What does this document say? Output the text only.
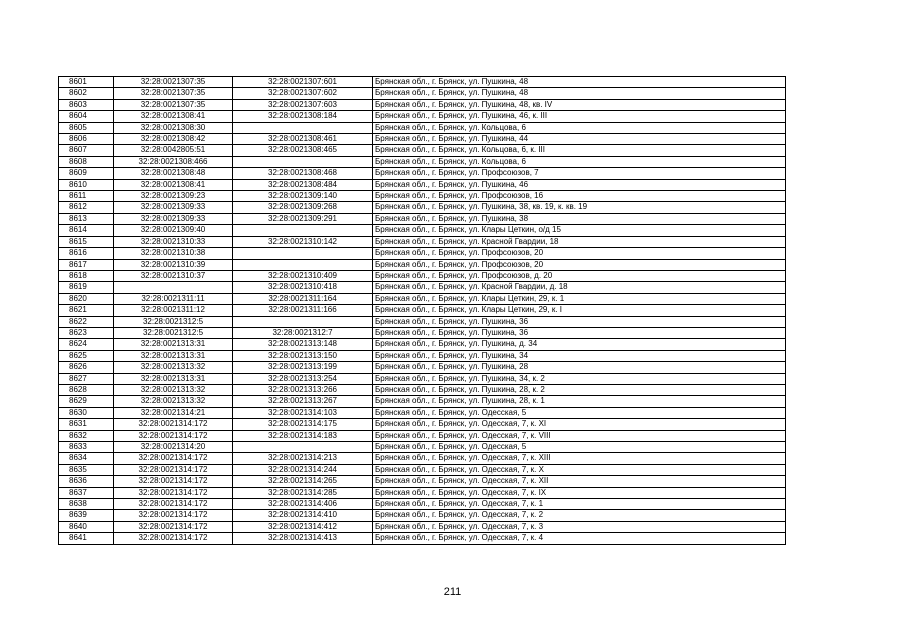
8601	32:28:0021307:35	32:28:0021307:601	Брянская обл., г. Брянск, ул. Пушкина, 48
8602	32:28:0021307:35	32:28:0021307:602	Брянская обл., г. Брянск, ул. Пушкина, 48
8603	32:28:0021307:35	32:28:0021307:603	Брянская обл., г. Брянск, ул. Пушкина, 48, кв. IV
8604	32:28:0021308:41	32:28:0021308:184	Брянская обл., г. Брянск, ул. Пушкина, 46, к. III
8605	32:28:0021308:30		Брянская обл., г. Брянск, ул. Кольцова, 6
8606	32:28:0021308:42	32:28:0021308:461	Брянская обл., г. Брянск, ул. Пушкина, 44
8607	32:28:0042805:51	32:28:0021308:465	Брянская обл., г. Брянск, ул. Кольцова, 6, к. III
8608	32:28:0021308:466		Брянская обл., г. Брянск, ул. Кольцова, 6
8609	32:28:0021308:48	32:28:0021308:468	Брянская обл., г. Брянск, ул. Профсоюзов, 7
8610	32:28:0021308:41	32:28:0021308:484	Брянская обл., г. Брянск, ул. Пушкина, 46
8611	32:28:0021309:23	32:28:0021309:140	Брянская обл., г. Брянск, ул. Профсоюзов, 16
8612	32:28:0021309:33	32:28:0021309:268	Брянская обл., г. Брянск, ул. Пушкина, 38, кв. 19, к. кв. 19
8613	32:28:0021309:33	32:28:0021309:291	Брянская обл., г. Брянск, ул. Пушкина, 38
8614	32:28:0021309:40		Брянская обл., г. Брянск, ул. Клары Цеткин, о/д 15
8615	32:28:0021310:33	32:28:0021310:142	Брянская обл., г. Брянск, ул. Красной Гвардии, 18
8616	32:28:0021310:38		Брянская обл., г. Брянск, ул. Профсоюзов, 20
8617	32:28:0021310:39		Брянская обл., г. Брянск, ул. Профсоюзов, 20
8618	32:28:0021310:37	32:28:0021310:409	Брянская обл., г. Брянск, ул. Профсоюзов, д. 20
8619		32:28:0021310:418	Брянская обл., г. Брянск, ул. Красной Гвардии, д. 18
8620	32:28:0021311:11	32:28:0021311:164	Брянская обл., г. Брянск, ул. Клары Цеткин, 29, к. 1
8621	32:28:0021311:12	32:28:0021311:166	Брянская обл., г. Брянск, ул. Клары Цеткин, 29, к. I
8622	32:28:0021312:5		Брянская обл., г. Брянск, ул. Пушкина, 36
8623	32:28:0021312:5	32:28:0021312:7	Брянская обл., г. Брянск, ул. Пушкина, 36
8624	32:28:0021313:31	32:28:0021313:148	Брянская обл., г. Брянск, ул. Пушкина, д. 34
8625	32:28:0021313:31	32:28:0021313:150	Брянская обл., г. Брянск, ул. Пушкина, 34
8626	32:28:0021313:32	32:28:0021313:199	Брянская обл., г. Брянск, ул. Пушкина, 28
8627	32:28:0021313:31	32:28:0021313:254	Брянская обл., г. Брянск, ул. Пушкина, 34, к. 2
8628	32:28:0021313:32	32:28:0021313:266	Брянская обл., г. Брянск, ул. Пушкина, 28, к. 2
8629	32:28:0021313:32	32:28:0021313:267	Брянская обл., г. Брянск, ул. Пушкина, 28, к. 1
8630	32:28:0021314:21	32:28:0021314:103	Брянская обл., г. Брянск, ул. Одесская, 5
8631	32:28:0021314:172	32:28:0021314:175	Брянская обл., г. Брянск, ул. Одесская, 7, к. XI
8632	32:28:0021314:172	32:28:0021314:183	Брянская обл., г. Брянск, ул. Одесская, 7, к. VIII
8633	32:28:0021314:20		Брянская обл., г. Брянск, ул. Одесская, 5
8634	32:28:0021314:172	32:28:0021314:213	Брянская обл., г. Брянск, ул. Одесская, 7, к. XIII
8635	32:28:0021314:172	32:28:0021314:244	Брянская обл., г. Брянск, ул. Одесская, 7, к. X
8636	32:28:0021314:172	32:28:0021314:265	Брянская обл., г. Брянск, ул. Одесская, 7, к. XII
8637	32:28:0021314:172	32:28:0021314:285	Брянская обл., г. Брянск, ул. Одесская, 7, к. IX
8638	32:28:0021314:172	32:28:0021314:406	Брянская обл., г. Брянск, ул. Одесская, 7, к. 1
8639	32:28:0021314:172	32:28:0021314:410	Брянская обл., г. Брянск, ул. Одесская, 7, к. 2
8640	32:28:0021314:172	32:28:0021314:412	Брянская обл., г. Брянск, ул. Одесская, 7, к. 3
8641	32:28:0021314:172	32:28:0021314:413	Брянская обл., г. Брянск, ул. Одесская, 7, к. 4
211
